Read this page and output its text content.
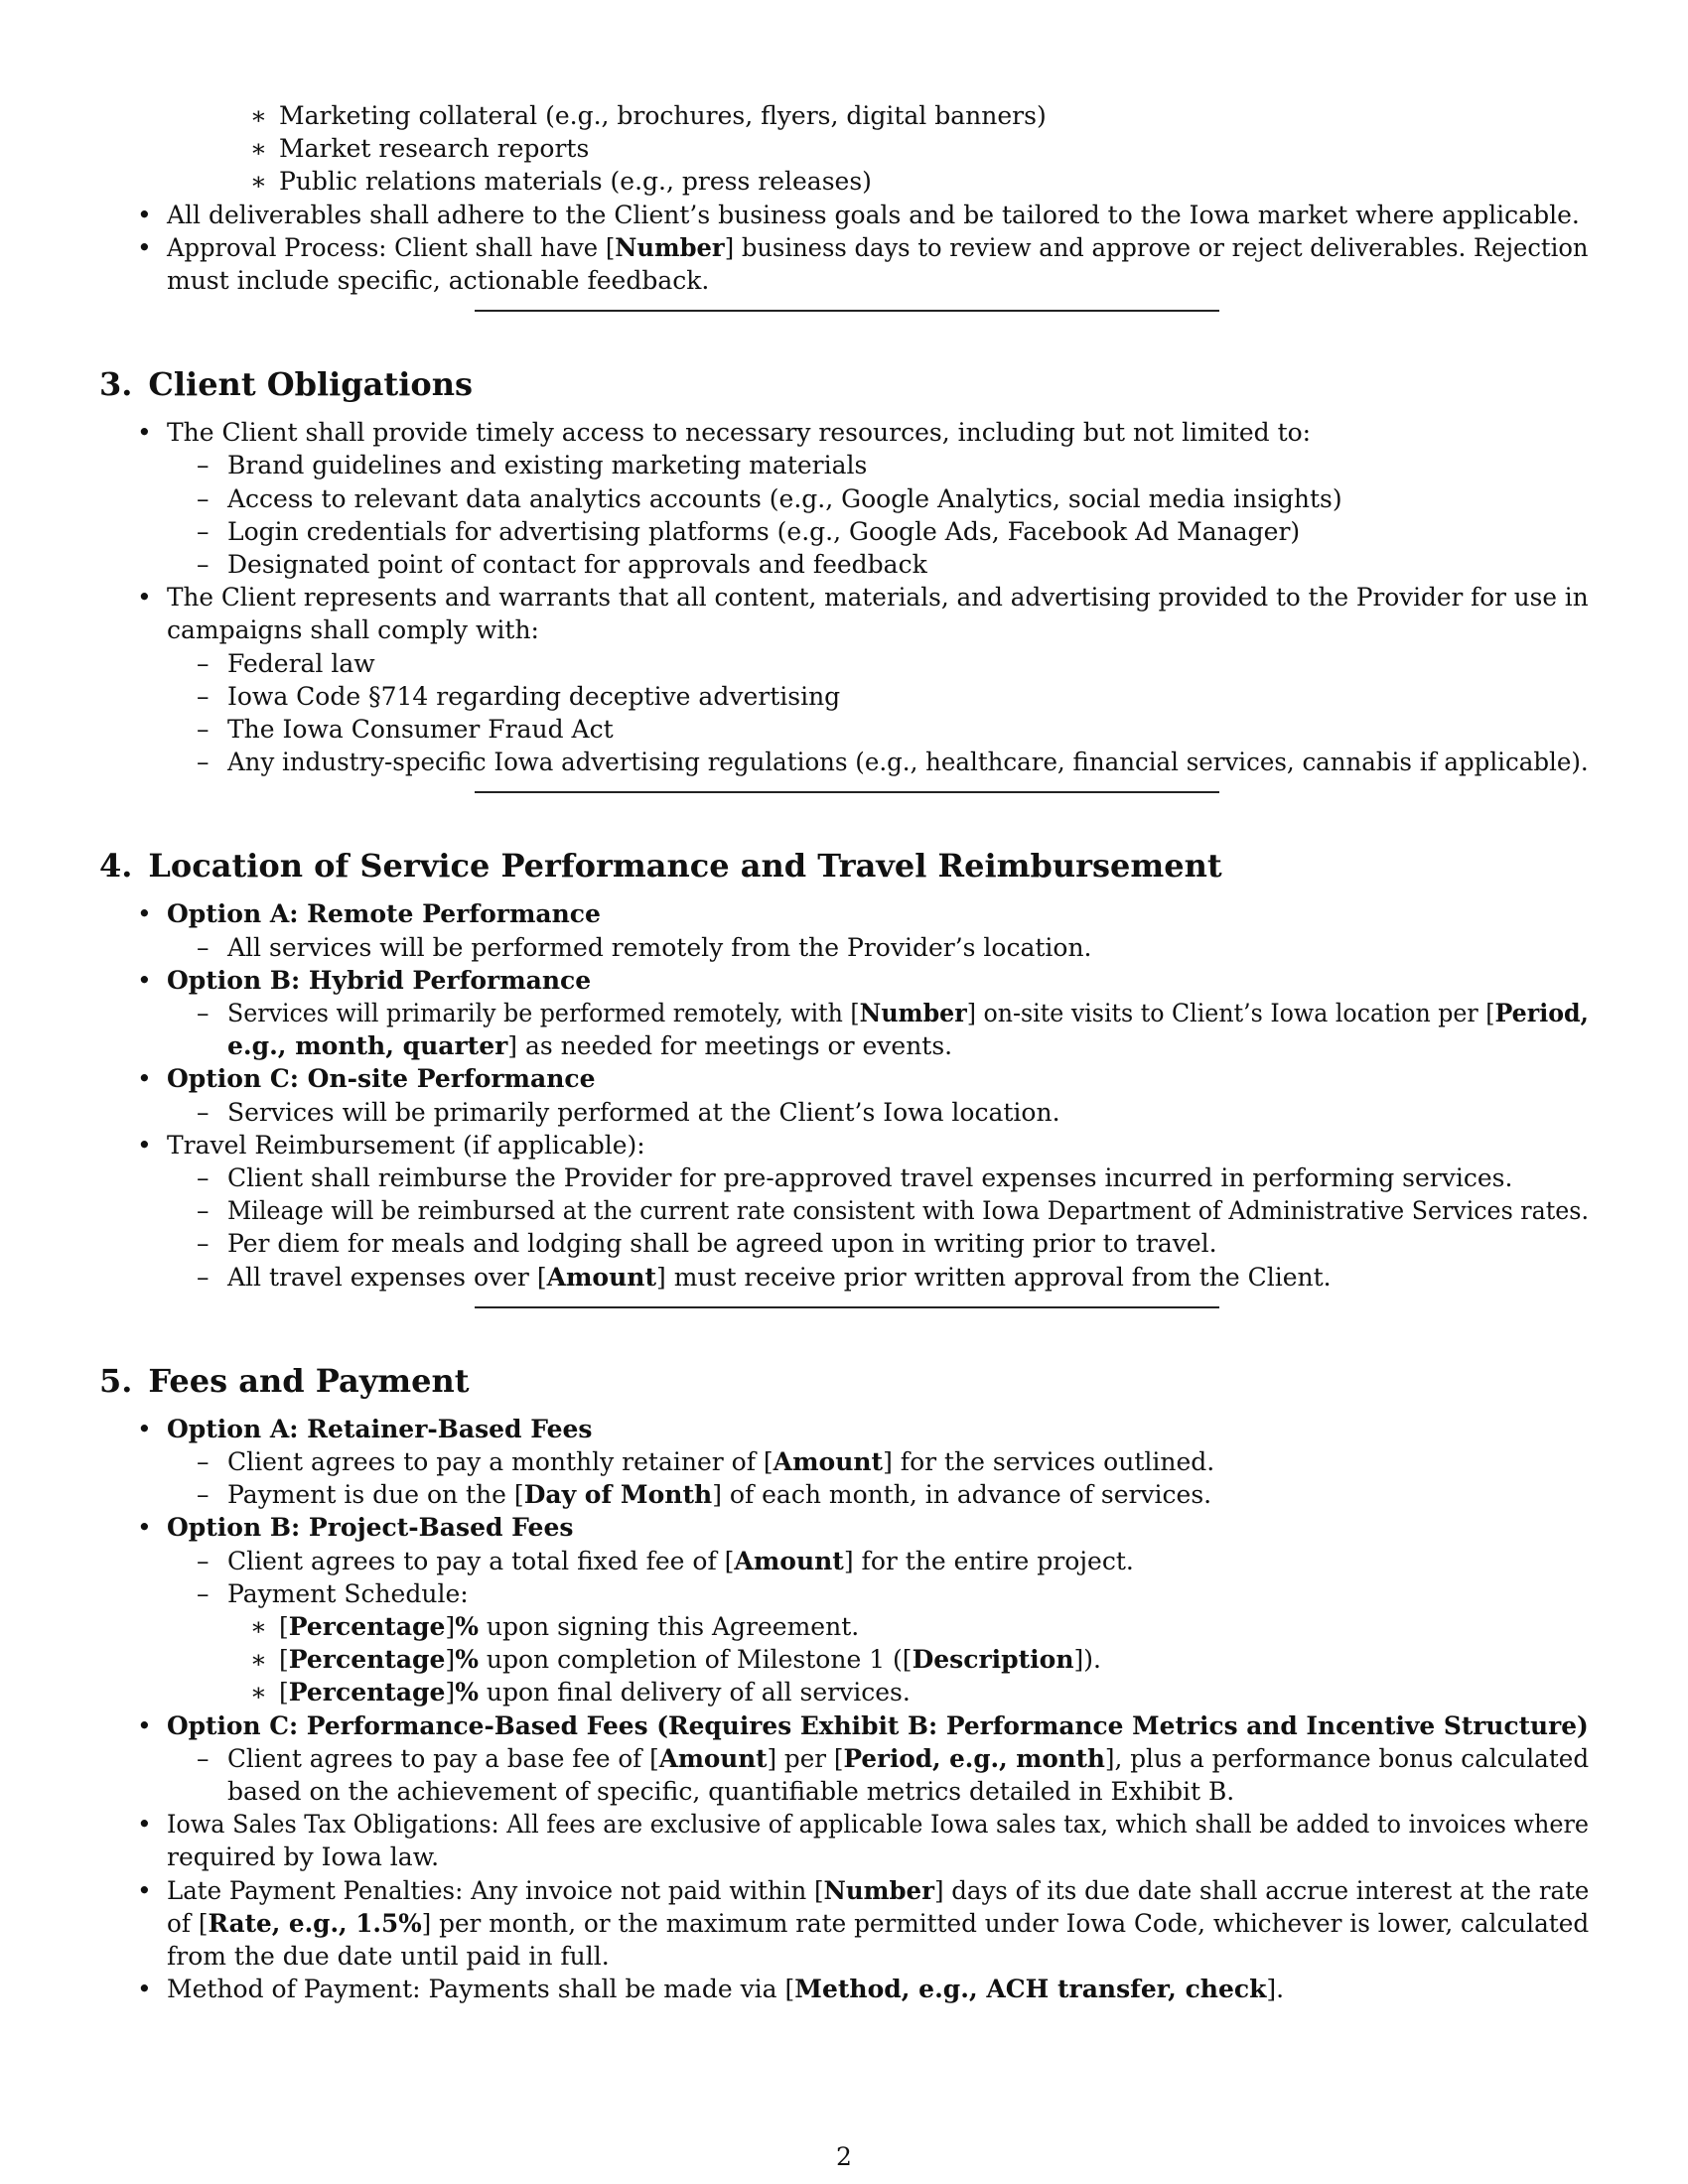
2
∗ Marketing collateral (e.g., brochures, flyers, digital banners)
∗ Market research reports
∗ Public relations materials (e.g., press releases)
• All deliverables shall adhere to the Client’s business goals and be tailored to the Iowa market where applicable.
• Approval Process: Client shall have [Number] business days to review and approve or reject deliverables. Rejection
must include specific, actionable feedback.
3. Client Obligations
• The Client shall provide timely access to necessary resources, including but not limited to:
– Brand guidelines and existing marketing materials
– Access to relevant data analytics accounts (e.g., Google Analytics, social media insights)
– Login credentials for advertising platforms (e.g., Google Ads, Facebook Ad Manager)
– Designated point of contact for approvals and feedback
• The Client represents and warrants that all content, materials, and advertising provided to the Provider for use in
campaigns shall comply with:
– Federal law
– Iowa Code §714 regarding deceptive advertising
– The Iowa Consumer Fraud Act
– Any industry-specific Iowa advertising regulations (e.g., healthcare, financial services, cannabis if applicable).
4. Location of Service Performance and Travel Reimbursement
• Option A: Remote Performance
– All services will be performed remotely from the Provider’s location.
• Option B: Hybrid Performance
– Services will primarily be performed remotely, with [Number] on-site visits to Client’s Iowa location per [Period,
e.g., month, quarter] as needed for meetings or events.
• Option C: On-site Performance
– Services will be primarily performed at the Client’s Iowa location.
• Travel Reimbursement (if applicable):
– Client shall reimburse the Provider for pre-approved travel expenses incurred in performing services.
– Mileage will be reimbursed at the current rate consistent with Iowa Department of Administrative Services rates.
– Per diem for meals and lodging shall be agreed upon in writing prior to travel.
– All travel expenses over [Amount] must receive prior written approval from the Client.
5. Fees and Payment
• Option A: Retainer-Based Fees
– Client agrees to pay a monthly retainer of [Amount] for the services outlined.
– Payment is due on the [Day of Month] of each month, in advance of services.
• Option B: Project-Based Fees
– Client agrees to pay a total fixed fee of [Amount] for the entire project.
– Payment Schedule:
∗ [Percentage]% upon signing this Agreement.
∗ [Percentage]% upon completion of Milestone 1 ([Description]).
∗ [Percentage]% upon final delivery of all services.
• Option C: Performance-Based Fees (Requires Exhibit B: Performance Metrics and Incentive Structure)
– Client agrees to pay a base fee of [Amount] per [Period, e.g., month], plus a performance bonus calculated
based on the achievement of specific, quantifiable metrics detailed in Exhibit B.
• Iowa Sales Tax Obligations: All fees are exclusive of applicable Iowa sales tax, which shall be added to invoices where
required by Iowa law.
• Late Payment Penalties: Any invoice not paid within [Number] days of its due date shall accrue interest at the rate
of [Rate, e.g., 1.5%] per month, or the maximum rate permitted under Iowa Code, whichever is lower, calculated
from the due date until paid in full.
• Method of Payment: Payments shall be made via [Method, e.g., ACH transfer, check].
